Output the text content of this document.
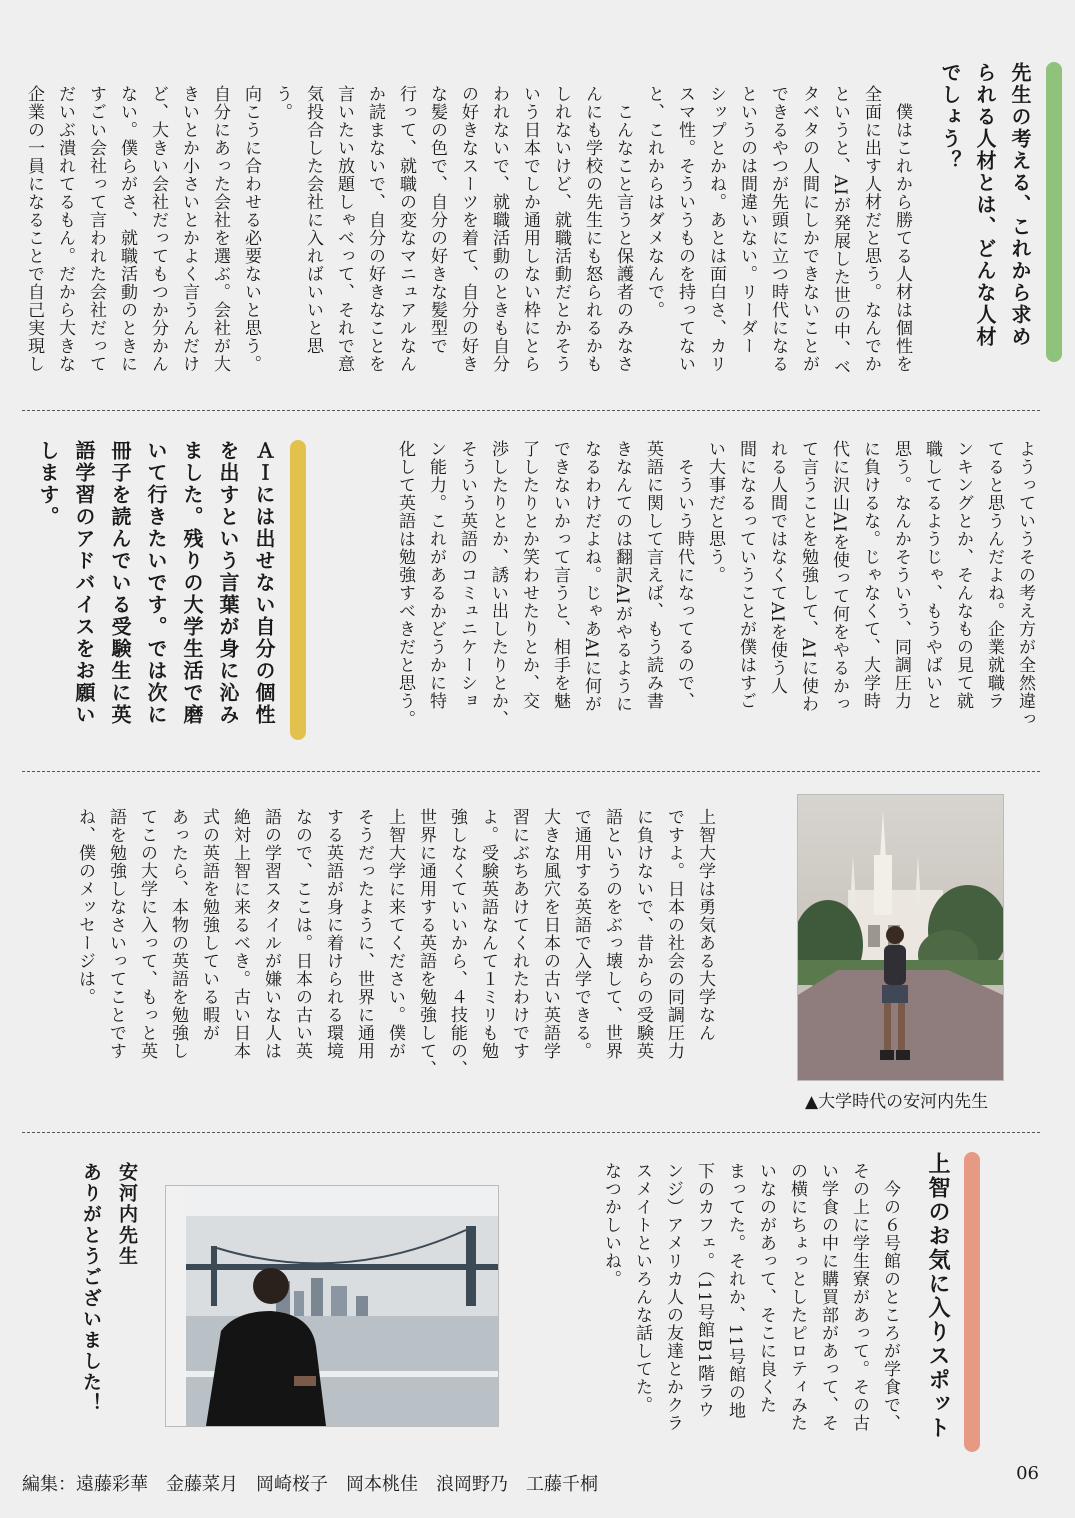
先生の考える、これから求め
られる人材とは、どんな人材
でしょう？
　僕はこれから勝てる人材は個性を
全面に出す人材だと思う。なんでか
というと、AIが発展した世の中、ベ
タベタの人間にしかできないことが
できるやつが先頭に立つ時代になる
というのは間違いない。リーダー
シップとかね。あとは面白さ、カリ
スマ性。そういうものを持ってない
と、これからはダメなんで。
　こんなこと言うと保護者のみなさ
んにも学校の先生にも怒られるかも
しれないけど、就職活動だとかそう
いう日本でしか通用しない枠にとら
われないで、就職活動のときも自分
の好きなスーツを着て、自分の好き
な髪の色で、自分の好きな髪型で
行って、就職の変なマニュアルなん
か読まないで、自分の好きなことを
言いたい放題しゃべって、それで意
気投合した会社に入ればいいと思う。
向こうに合わせる必要ないと思う。
自分にあった会社を選ぶ。会社が大
きいとか小さいとかよく言うんだけ
ど、大きい会社だってもつか分かん
ない。僕らがさ、就職活動のときに
すごい会社って言われた会社だって
だいぶ潰れてるもん。だから大きな
企業の一員になることで自己実現し
ようっていうその考え方が全然違っ
てると思うんだよね。企業就職ラ
ンキングとか、そんなもの見て就
職してるようじゃ、もうやばいと
思う。なんかそういう、同調圧力
に負けるな。じゃなくて、大学時
代に沢山AIを使って何をやるかっ
て言うことを勉強して、AIに使わ
れる人間ではなくてAIを使う人
間になるっていうことが僕はすご
い大事だと思う。
　そういう時代になってるので、
英語に関して言えば、もう読み書
きなんてのは翻訳AIがやるように
なるわけだよね。じゃあAIに何が
できないかって言うと、相手を魅
了したりとか笑わせたりとか、交
渉したりとか、誘い出したりとか、
そういう英語のコミュニケーショ
ン能力。これがあるかどうかに特
化して英語は勉強すべきだと思う。
ＡＩには出せない自分の個性
を出すという言葉が身に沁み
ました。残りの大学生活で磨
いて行きたいです。では次に
冊子を読んでいる受験生に英
語学習のアドバイスをお願い
します。
上智大学は勇気ある大学なん
ですよ。日本の社会の同調圧力
に負けないで、昔からの受験英
語というのをぶっ壊して、世界
で通用する英語で入学できる。
大きな風穴を日本の古い英語学
習にぶちあけてくれたわけです
よ。受験英語なんて１ミリも勉
強しなくていいから、４技能の、
世界に通用する英語を勉強して、
上智大学に来てください。僕が
そうだったように、世界に通用
する英語が身に着けられる環境
なので、ここは。日本の古い英
語の学習スタイルが嫌いな人は
絶対上智に来るべき。古い日本
式の英語を勉強している暇が
あったら、本物の英語を勉強し
てこの大学に入って、もっと英
語を勉強しなさいってことです
ね、僕のメッセージは。
▲大学時代の安河内先生
上智のお気に入りスポット
　今の６号館のところが学食で、
その上に学生寮があって。その古
い学食の中に購買部があって、そ
の横にちょっとしたピロティみた
いなのがあって、そこに良くた
まってた。それか、11号館の地
下のカフェ。（11号館B1階ラウ
ンジ）アメリカ人の友達とかクラ
スメイトといろんな話してた。
なつかしいね。
安河内先生
ありがとうございました！
編集：遠藤彩華　金藤菜月　岡崎桜子　岡本桃佳　浪岡野乃　工藤千桐
06
